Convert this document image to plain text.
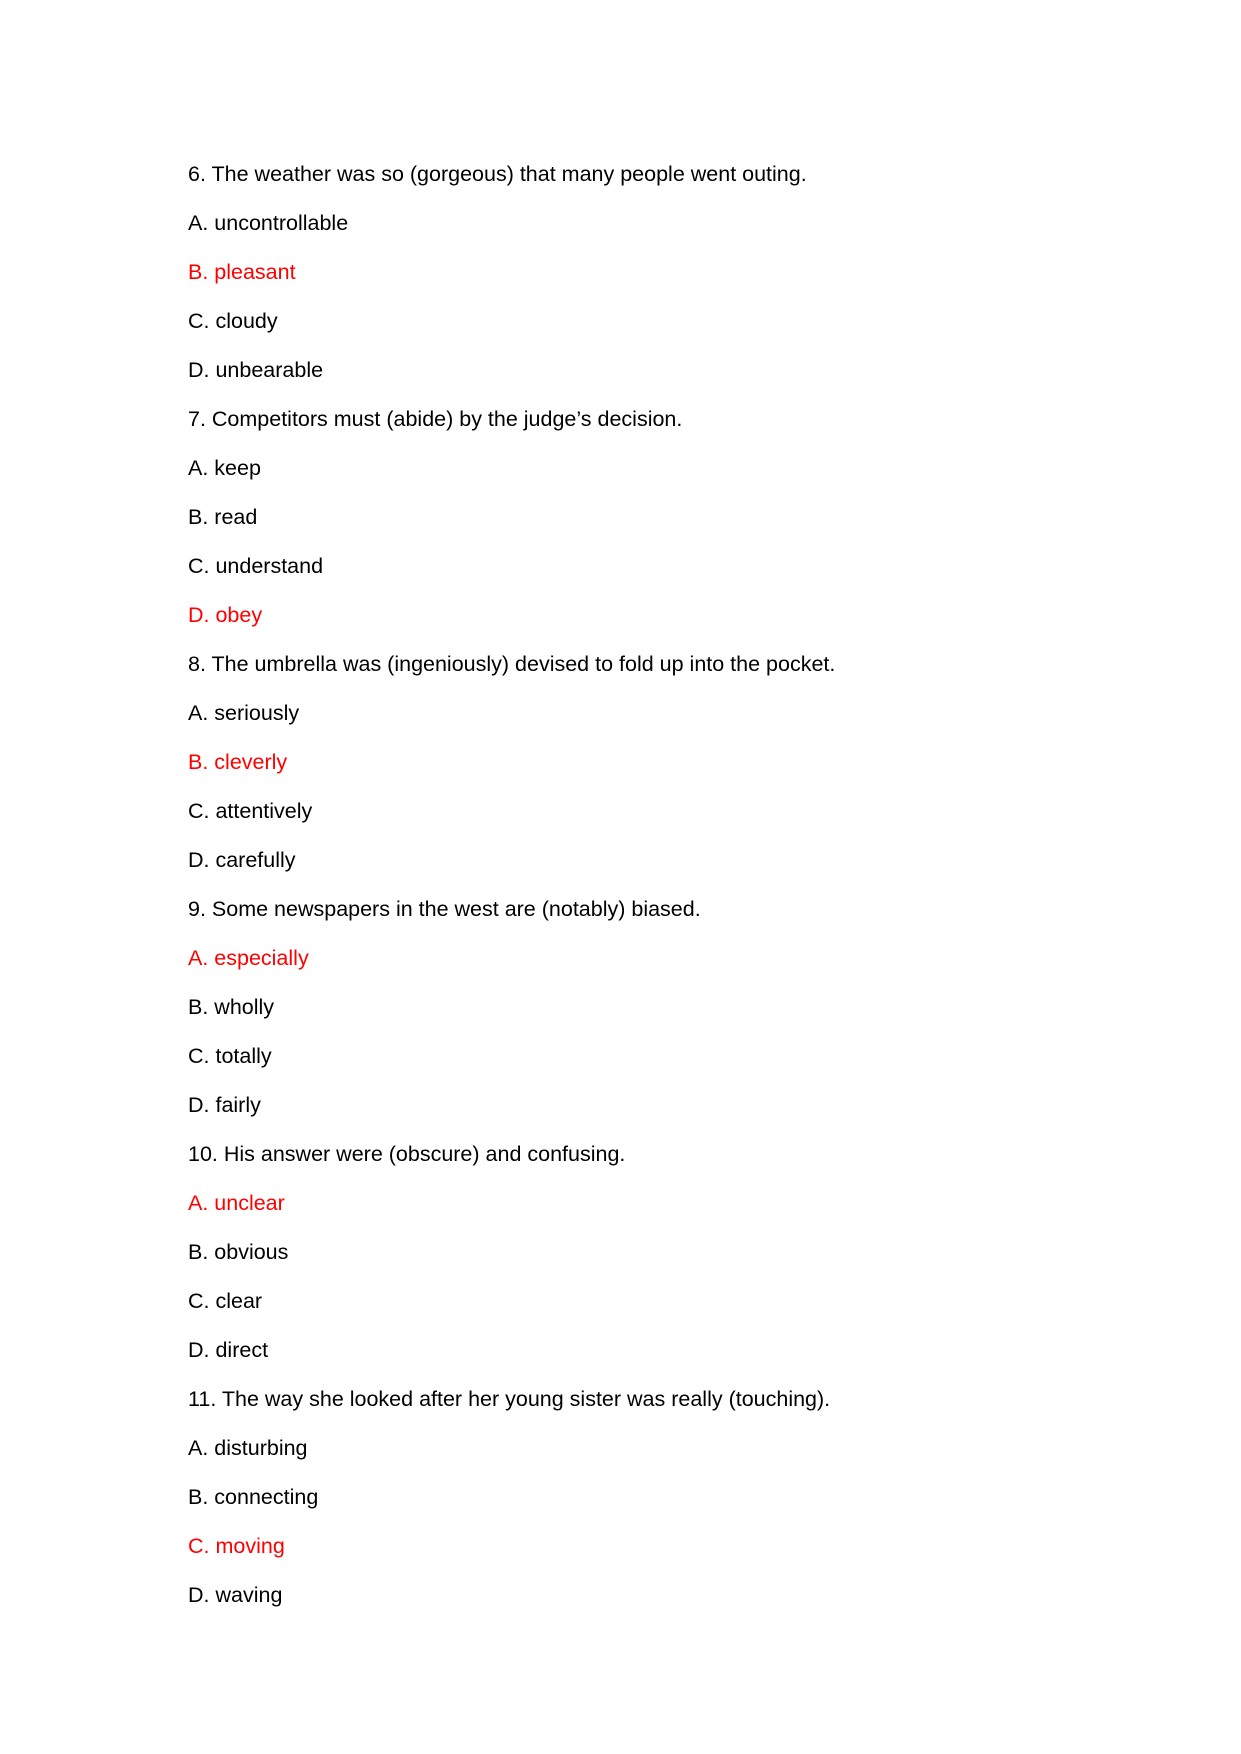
6. The weather was so (gorgeous) that many people went outing.
A. uncontrollable
B. pleasant
C. cloudy
D. unbearable
7. Competitors must (abide) by the judge’s decision.
A. keep
B. read
C. understand
D. obey
8. The umbrella was (ingeniously) devised to fold up into the pocket.
A. seriously
B. cleverly
C. attentively
D. carefully
9. Some newspapers in the west are (notably) biased.
A. especially
B. wholly
C. totally
D. fairly
10. His answer were (obscure) and confusing.
A. unclear
B. obvious
C. clear
D. direct
11. The way she looked after her young sister was really (touching).
A. disturbing
B. connecting
C. moving
D. waving
